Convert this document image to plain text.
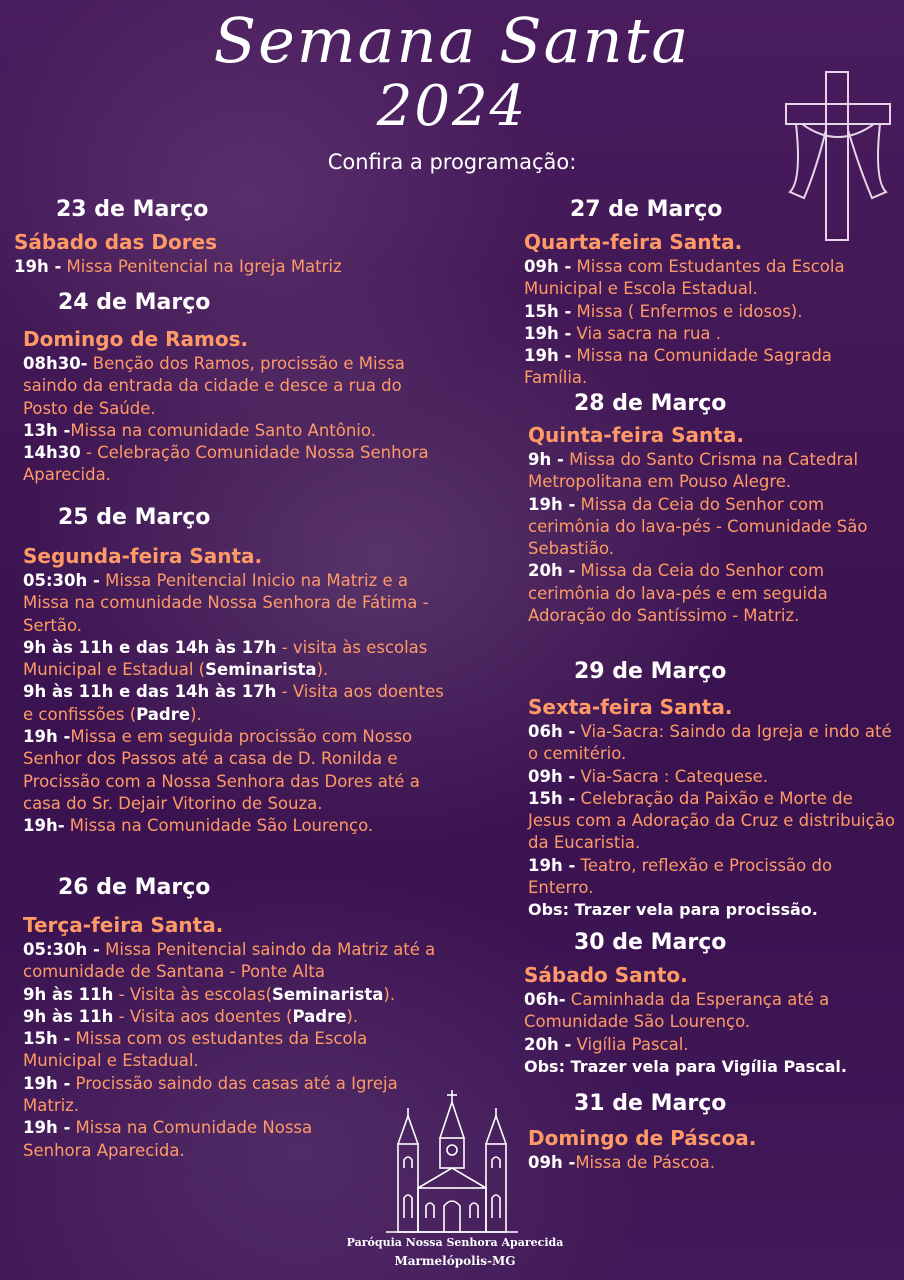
Semana Santa
2024
Confira a programação:

23 de Março

Sábado das Dores

19h - Missa Penitencial na Igreja Matriz

24 de Março

Domingo de Ramos.

08h30- Benção dos Ramos, procissão e Missa saindo da entrada da cidade e desce a rua do Posto de Saúde.

13h -Missa na comunidade Santo Antônio.

14h30 - Celebração Comunidade Nossa Senhora Aparecida.

25 de Março

Segunda-feira Santa.

05:30h - Missa Penitencial Inicio na Matriz e a Missa na comunidade Nossa Senhora de Fátima - Sertão.

9h às 11h e das 14h às 17h - visita às escolas Municipal e Estadual (Seminarista).

9h às 11h e das 14h às 17h - Visita aos doentes e confissões (Padre).

19h -Missa e em seguida procissão com Nosso Senhor dos Passos até a casa de D. Ronilda e Procissão com a Nossa Senhora das Dores até a casa do Sr. Dejair Vitorino de Souza.

19h- Missa na Comunidade São Lourenço.

26 de Março

Terça-feira Santa.

05:30h - Missa Penitencial saindo da Matriz até a comunidade de Santana - Ponte Alta

9h às 11h - Visita às escolas(Seminarista).

9h às 11h - Visita aos doentes (Padre).

15h - Missa com os estudantes da Escola Municipal e Estadual.

19h - Procissão saindo das casas até a Igreja Matriz.

19h - Missa na Comunidade Nossa Senhora Aparecida.

27 de Março

Quarta-feira Santa.

09h - Missa com Estudantes da Escola Municipal e Escola Estadual.

15h - Missa ( Enfermos e idosos).

19h - Via sacra na rua .

19h - Missa na Comunidade Sagrada Família.

28 de Março

Quinta-feira Santa.

9h - Missa do Santo Crisma na Catedral Metropolitana em Pouso Alegre.

19h - Missa da Ceia do Senhor com cerimônia do lava-pés - Comunidade São Sebastião.

20h - Missa da Ceia do Senhor com cerimônia do lava-pés e em seguida Adoração do Santíssimo - Matriz.

29 de Março

Sexta-feira Santa.

06h - Via-Sacra: Saindo da Igreja e indo até o cemitério.

09h - Via-Sacra : Catequese.

15h - Celebração da Paixão e Morte de Jesus com a Adoração da Cruz e distribuição da Eucaristia.

19h - Teatro, reflexão e Procissão do Enterro.

Obs: Trazer vela para procissão.

30 de Março

Sábado Santo.

06h- Caminhada da Esperança até a Comunidade São Lourenço.

20h - Vigília Pascal.

Obs: Trazer vela para Vigília Pascal.

31 de Março

Domingo de Páscoa.

09h -Missa de Páscoa.

Paróquia Nossa Senhora Aparecida
Marmelópolis-MG
